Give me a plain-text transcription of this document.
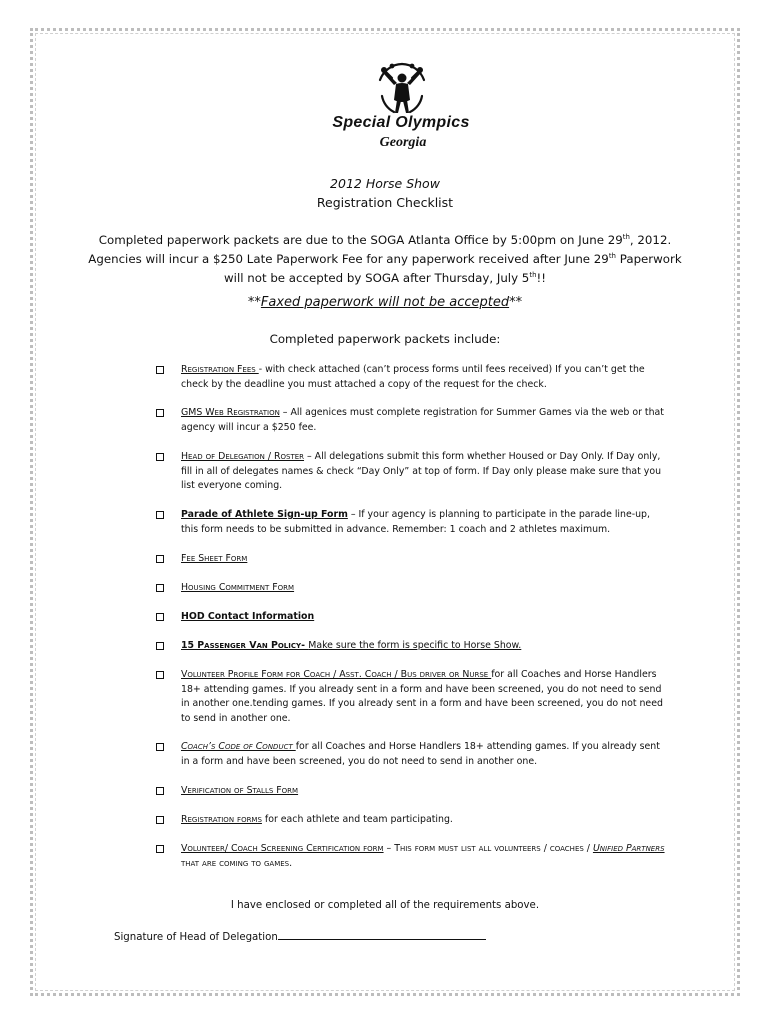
Special Olympics
Georgia
2012 Horse Show
Registration Checklist
Completed paperwork packets are due to the SOGA Atlanta Office by 5:00pm on June 29th, 2012.
Agencies will incur a $250 Late Paperwork Fee for any paperwork received after June 29th Paperwork
will not be accepted by SOGA after Thursday, July 5th!!
**Faxed paperwork will not be accepted**
Completed paperwork packets include:
Registration Fees - with check attached (can’t process forms until fees received) If you can’t get the check by the deadline you must attached a copy of the request for the check.
GMS Web Registration – All agenices must complete registration for Summer Games via the web or that agency will incur a $250 fee.
Head of Delegation / Roster – All delegations submit this form whether Housed or Day Only. If Day only, fill in all of delegates names & check “Day Only” at top of form. If Day only please make sure that you list everyone coming.
Parade of Athlete Sign-up Form – If your agency is planning to participate in the parade line-up, this form needs to be submitted in advance. Remember: 1 coach and 2 athletes maximum.
Fee Sheet Form
Housing Commitment Form
HOD Contact Information
15 Passenger Van Policy- Make sure the form is specific to Horse Show.
Volunteer Profile Form for Coach / Asst. Coach / Bus driver or Nurse for all Coaches and Horse Handlers 18+ attending games. If you already sent in a form and have been screened, you do not need to send in another one.tending games. If you already sent in a form and have been screened, you do not need to send in another one.
Coach’s Code of Conduct for all Coaches and Horse Handlers 18+ attending games. If you already sent in a form and have been screened, you do not need to send in another one.
Verification of Stalls Form
Registration forms for each athlete and team participating.
Volunteer/ Coach Screening Certification form – This form must list all volunteers / coaches / Unified Partners that are coming to games.
I have enclosed or completed all of the requirements above.
Signature of Head of Delegation
